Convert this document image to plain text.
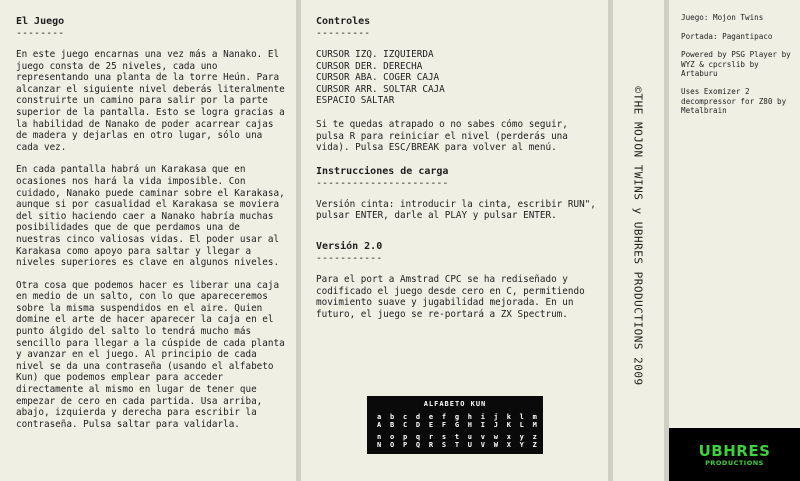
El Juego

--------

En este juego encarnas una vez más a Nanako. El juego consta de 25 niveles, cada uno representando una planta de la torre Heún. Para alcanzar el siguiente nivel deberás literalmente construirte un camino para salir por la parte superior de la pantalla. Esto se logra gracias a la habilidad de Nanako de poder acarrear cajas de madera y dejarlas en otro lugar, sólo una cada vez.

En cada pantalla habrá un Karakasa que en ocasiones nos hará la vida imposible. Con cuidado, Nanako puede caminar sobre el Karakasa, aunque si por casualidad el Karakasa se moviera del sitio haciendo caer a Nanako habría muchas posibilidades que de que perdamos una de nuestras cinco valiosas vidas. El poder usar al Karakasa como apoyo para saltar y llegar a niveles superiores es clave en algunos niveles.

Otra cosa que podemos hacer es liberar una caja en medio de un salto, con lo que apareceremos sobre la misma suspendidos en el aire. Quien domine el arte de hacer aparecer la caja en el punto álgido del salto lo tendrá mucho más sencillo para llegar a la cúspide de cada planta y avanzar en el juego. Al principio de cada nivel se da una contraseña (usando el alfabeto Kun) que podemos emplear para acceder directamente al mismo en lugar de tener que empezar de cero en cada partida. Usa arriba, abajo, izquierda y derecha para escribir la contraseña. Pulsa saltar para validarla.

Controles

---------

CURSOR IZQ. IZQUIERDA
CURSOR DER. DERECHA
CURSOR ABA. COGER CAJA
CURSOR ARR. SOLTAR CAJA
ESPACIO SALTAR

Si te quedas atrapado o no sabes cómo seguir, pulsa R para reiniciar el nivel (perderás una vida). Pulsa ESC/BREAK para volver al menú.

Instrucciones de carga

----------------------

Versión cinta: introducir la cinta, escribir RUN", pulsar ENTER, darle al PLAY y pulsar ENTER.

Versión 2.0

-----------

Para el port a Amstrad CPC se ha rediseñado y codificado el juego desde cero en C, permitiendo movimiento suave y jugabilidad mejorada. En un futuro, el juego se re-portará a ZX Spectrum.

ALFABETO KUN
a b c d e f g h i j k l m
A B C D E F G H I J K L M
n o p q r s t u v w x y z
N O P Q R S T U V W X Y Z
©THE MOJON TWINS y UBHRES PRODUCTIONS 2009

Juego: Mojon Twins

Portada: Pagantipaco

Powered by PSG Player by WYZ & cpcrslib by Artaburu

Uses Exomizer 2 decompressor for Z80 by Metalbrain

UBHRES
PRODUCTIONS
